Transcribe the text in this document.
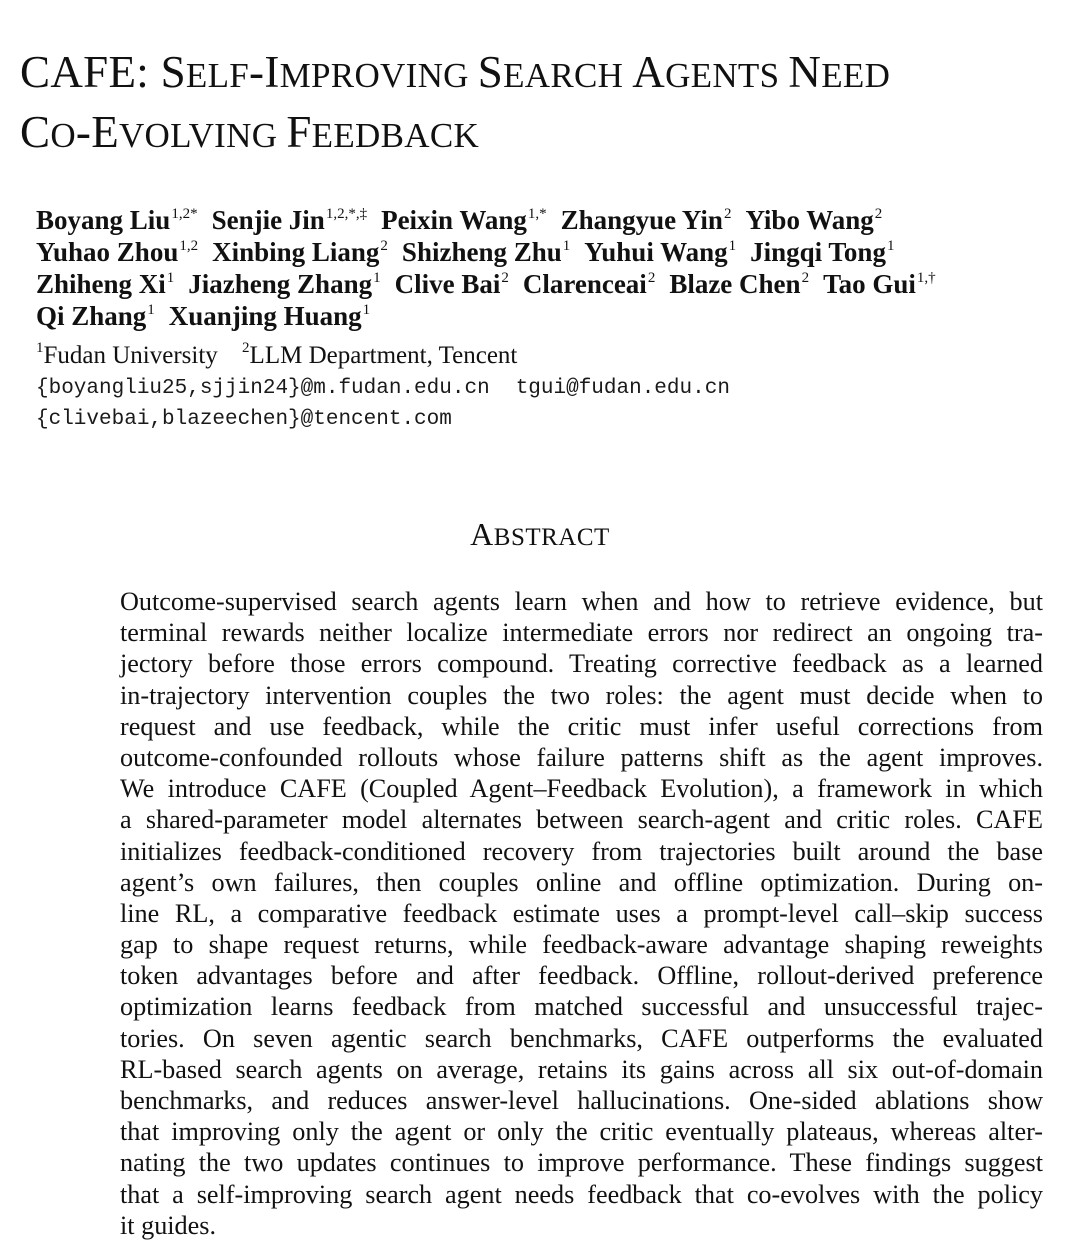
CAFE: SELF-IMPROVING SEARCH AGENTS NEED
CO-EVOLVING FEEDBACK
Boyang Liu$^{1,2*}$ Senjie Jin$^{1,2,*,\ddagger}$ Peixin Wang$^{1,*}$ Zhangyue Yin$^2$ Yibo Wang$^2$
Yuhao Zhou$^{1,2}$ Xinbing Liang$^2$ Shizheng Zhu$^1$ Yuhui Wang$^1$ Jingqi Tong$^1$
Zhiheng Xi$^1$ Jiazheng Zhang$^1$ Clive Bai$^2$ Clarenceai$^2$ Blaze Chen$^2$ Tao Gui$^{1,\dagger}$
Qi Zhang$^1$ Xuanjing Huang$^1$
$^1$Fudan University $^2$LLM Department, Tencent
{boyangliu25,sjjin24}@m.fudan.edu.cn tgui@fudan.edu.cn
{clivebai,blazeechen}@tencent.com
ABSTRACT
Outcome-supervised search agents learn when and how to retrieve evidence, but
terminal rewards neither localize intermediate errors nor redirect an ongoing tra-
jectory before those errors compound. Treating corrective feedback as a learned
in-trajectory intervention couples the two roles: the agent must decide when to
request and use feedback, while the critic must infer useful corrections from
outcome-confounded rollouts whose failure patterns shift as the agent improves.
We introduce CAFE (Coupled Agent–Feedback Evolution), a framework in which
a shared-parameter model alternates between search-agent and critic roles. CAFE
initializes feedback-conditioned recovery from trajectories built around the base
agent’s own failures, then couples online and offline optimization. During on-
line RL, a comparative feedback estimate uses a prompt-level call–skip success
gap to shape request returns, while feedback-aware advantage shaping reweights
token advantages before and after feedback. Offline, rollout-derived preference
optimization learns feedback from matched successful and unsuccessful trajec-
tories. On seven agentic search benchmarks, CAFE outperforms the evaluated
RL-based search agents on average, retains its gains across all six out-of-domain
benchmarks, and reduces answer-level hallucinations. One-sided ablations show
that improving only the agent or only the critic eventually plateaus, whereas alter-
nating the two updates continues to improve performance. These findings suggest
that a self-improving search agent needs feedback that co-evolves with the policy
it guides.
